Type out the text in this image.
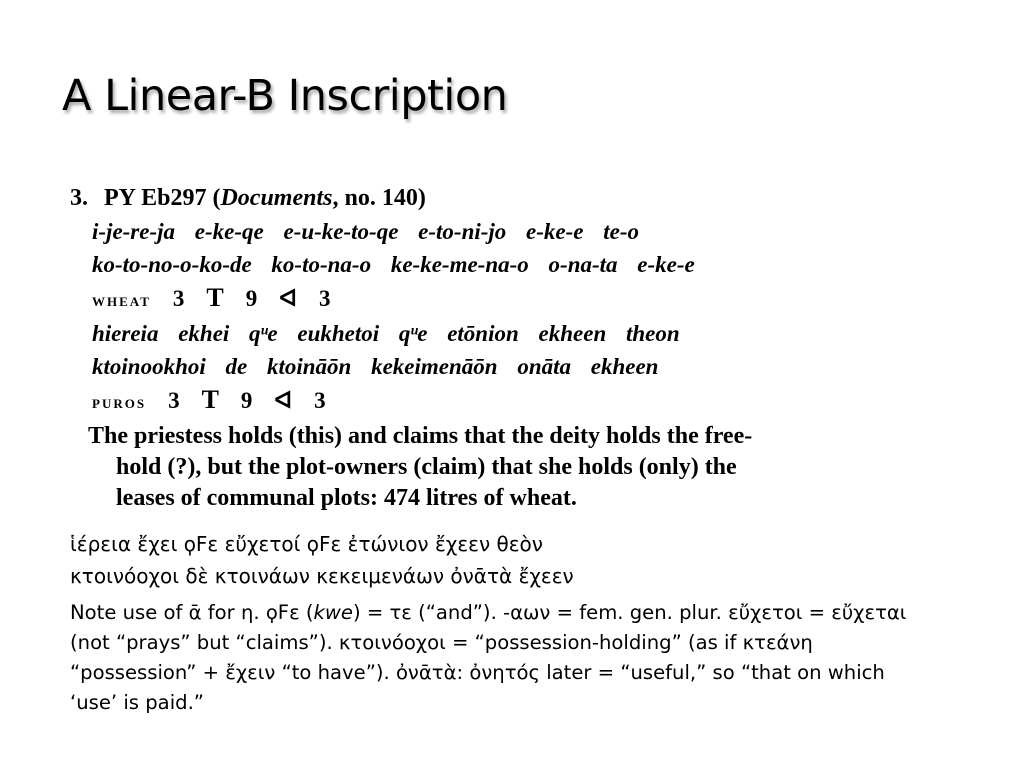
A Linear-B Inscription
3. PY Eb297 (Documents, no. 140)
i-je-re-ja e-ke-qe e-u-ke-to-qe e-to-ni-jo e-ke-e te-o
ko-to-no-o-ko-de ko-to-na-o ke-ke-me-na-o o-na-ta e-ke-e
wheat 3 T 9 ᐊ 3
hiereia ekhei qᵘe eukhetoi qᵘe etōnion ekheen theon
ktoinookhoi de ktoināōn kekeimenāōn onāta ekheen
puros 3 T 9 ᐊ 3
The priestess holds (this) and claims that the deity holds the free-
hold (?), but the plot-owners (claim) that she holds (only) the
leases of communal plots: 474 litres of wheat.
ἱέρεια ἔχει ϙϜε εὔχετοί ϙϜε ἐτώνιον ἔχεεν θεὸν
κτοινόοχοι δὲ κτοινάων κεκειμενάων ὀνᾱτὰ ἔχεεν

Note use of ᾱ for η. ϙϜε (kwe) = τε (“and”). -αων = fem. gen. plur. εὔχετοι = εὔχεται

(not “prays” but “claims”). κτοινόοχοι = “possession-holding” (as if κτεάνη

“possession” + ἔχειν “to have”). ὀνᾱτὰ: ὀνητός later = “useful,” so “that on which

‘use’ is paid.”
